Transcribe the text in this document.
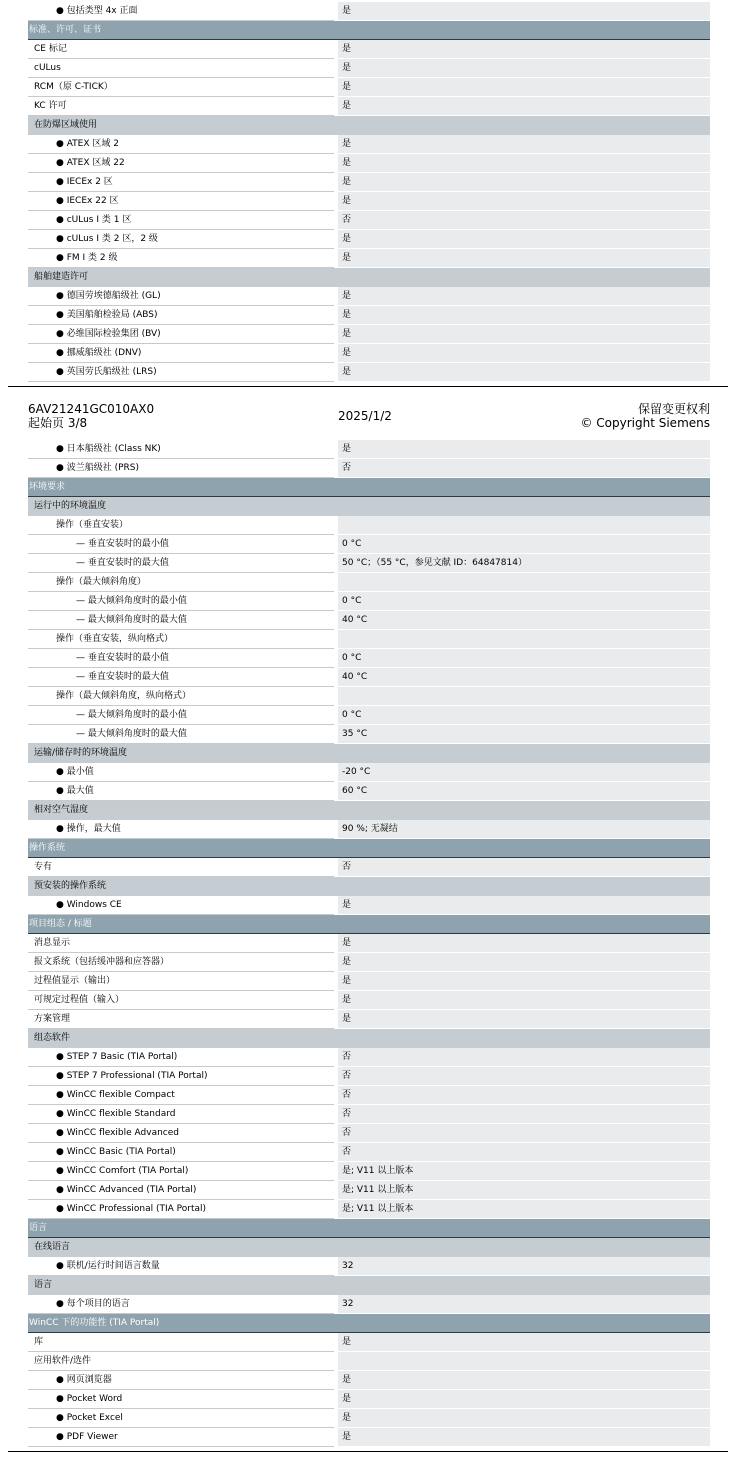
● 包括类型 4x 正面	是
标准、许可、证书
CE 标记	是
cULus	是
RCM（原 C-TICK）	是
KC 许可	是
在防爆区域使用
● ATEX 区域 2	是
● ATEX 区域 22	是
● IECEx 2 区	是
● IECEx 22 区	是
● cULus I 类 1 区	否
● cULus I 类 2 区，2 级	是
● FM I 类 2 级	是
船舶建造许可
● 德国劳埃德船级社 (GL)	是
● 美国船舶检验局 (ABS)	是
● 必维国际检验集团 (BV)	是
● 挪威船级社 (DNV)	是
● 英国劳氏船级社 (LRS)	是
6AV21241GC010AX0
起始页 3/8	2025/1/2	保留变更权利
© Copyright Siemens
● 日本船级社 (Class NK)	是
● 波兰船级社 (PRS)	否
环境要求
运行中的环境温度
操作（垂直安装）
— 垂直安装时的最小值	0 °C
— 垂直安装时的最大值	50 °C；（55 °C，参见文献 ID：64847814）
操作（最大倾斜角度）
— 最大倾斜角度时的最小值	0 °C
— 最大倾斜角度时的最大值	40 °C
操作（垂直安装，纵向格式）
— 垂直安装时的最小值	0 °C
— 垂直安装时的最大值	40 °C
操作（最大倾斜角度，纵向格式）
— 最大倾斜角度时的最小值	0 °C
— 最大倾斜角度时的最大值	35 °C
运输/储存时的环境温度
● 最小值	-20 °C
● 最大值	60 °C
相对空气湿度
● 操作，最大值	90 %; 无凝结
操作系统
专有	否
预安装的操作系统
● Windows CE	是
项目组态 / 标题
消息显示	是
报文系统（包括缓冲器和应答器）	是
过程值显示（输出）	是
可规定过程值（输入）	是
方案管理	是
组态软件
● STEP 7 Basic (TIA Portal)	否
● STEP 7 Professional (TIA Portal)	否
● WinCC flexible Compact	否
● WinCC flexible Standard	否
● WinCC flexible Advanced	否
● WinCC Basic (TIA Portal)	否
● WinCC Comfort (TIA Portal)	是; V11 以上版本
● WinCC Advanced (TIA Portal)	是; V11 以上版本
● WinCC Professional (TIA Portal)	是; V11 以上版本
语言
在线语言
● 联机/运行时间语言数量	32
语言
● 每个项目的语言	32
WinCC 下的功能性 (TIA Portal)
库	是
应用软件/选件
● 网页浏览器	是
● Pocket Word	是
● Pocket Excel	是
● PDF Viewer	是
